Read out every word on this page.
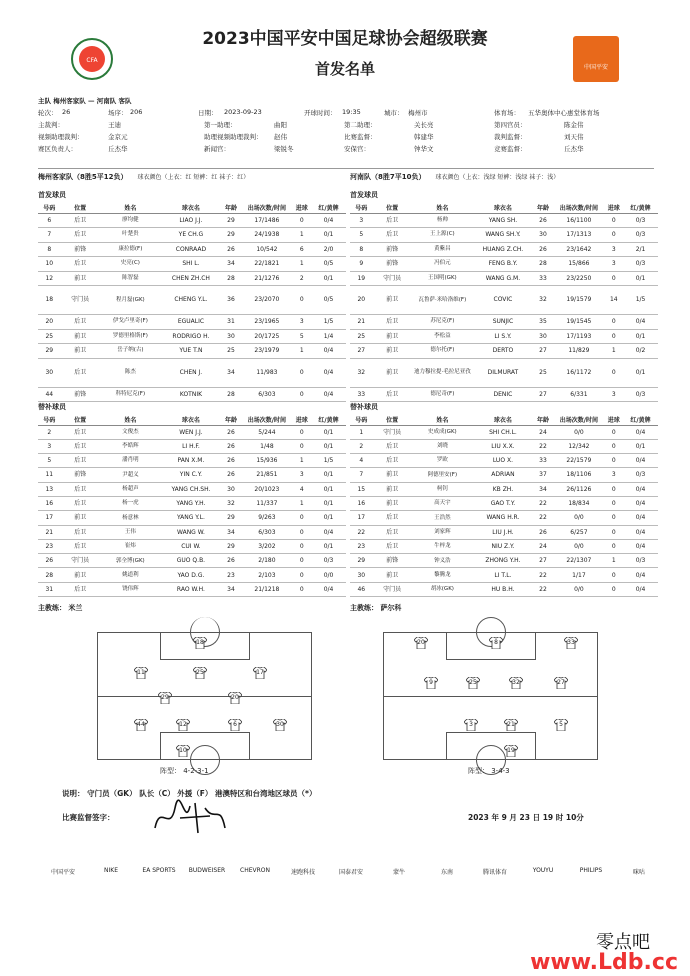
CFA
2023中国平安中国足球协会超级联赛
首发名单	中国平安
主队 梅州客家队 — 河南队 客队
轮次： 26	场序： 206	日期： 2023-09-23	开球时间： 19:35	城市： 梅州市	体育场： 五华奥体中心惠堂体育场
主裁判：	王迪	第一助理：	曲阳	第二助理：	关长亮	第四官员：	陈金伟
视频助理裁判：	金京元	助理视频助理裁判： 赵伟	比赛监督：	韩建华	裁判监督：	刘天伟
赛区负责人：	丘杰华	新闻官：	梁锐冬	安保官：	钟华文	竞赛监督：	丘杰华
梅州客家队（8胜5平12负） 球衣颜色（上衣：红 短裤：红 袜子：红）	河南队（8胜7平10负） 球衣颜色（上衣：浅绿 短裤：浅绿 袜子：浅）
首发球员	首发球员
号码	位置	姓名	球衣名	年龄	出场次数/时间	进球	红/黄牌
6	后卫	廖均健	LIAO J.J.	29	17/1486	0	0/4
7	后卫	叶楚贵	YE CH.G	29	24/1938	1	0/1
8	前锋	康拉德(F)	CONRAAD	26	10/542	6	2/0
10	后卫	史亮(C)	SHI L.	34	22/1821	1	0/5
12	前卫	陈智磊	CHEN ZH.CH	28	21/1276	2	0/1
18	守门员	程月磊(GK)	CHENG Y.L.	36	23/2070	0	0/5
20	后卫	伊戈卢里奇(F)	EGUALIC	31	23/1965	3	1/5
25	前卫	罗德里格斯(F)	RODRIGO H.	30	20/1725	5	1/4
29	前卫	岳子纳(古)	YUE T.N	25	23/1979	1	0/4
30	后卫	陈杰	CHEN J.	34	11/983	0	0/4
44	前锋	科特尼克(F)	KOTNIK	28	6/303	0	0/4
号码	位置	姓名	球衣名	年龄	出场次数/时间	进球	红/黄牌
3	后卫	杨帅	YANG SH.	26	16/1100	0	0/3
5	后卫	王上源(C)	WANG SH.Y.	30	17/1313	0	0/3
8	前锋	黄紫昌	HUANG Z.CH.	26	23/1642	3	2/1
9	前锋	冯伯元	FENG B.Y.	28	15/866	3	0/3
19	守门员	王国明(GK)	WANG G.M.	33	23/2250	0	0/1
20	前卫	瓦鲁萨·米哈洛维(F)	COVIC	32	19/1579	14	1/5
21	后卫	苏尼克(F)	SUNJIC	35	19/1545	0	0/4
25	前卫	李松益	LI S.Y.	30	17/1193	0	0/1
27	前卫	德尔托(F)	DERTO	27	11/829	1	0/2
32	前卫	迪力穆拉提·毛拉尼亚孜	DILMURAT	25	16/1172	0	0/1
33	后卫	德尼奇(F)	DENIC	27	6/331	3	0/3
替补球员	替补球员
号码	位置	姓名	球衣名	年龄	出场次数/时间	进球	红/黄牌
2	后卫	文俊杰	WEN J.J.	26	5/244	0	0/1
3	后卫	李皓辉	LI H.F.	26	1/48	0	0/1
5	后卫	潘肖明	PAN X.M.	26	15/936	1	1/5
11	前锋	尹超义	YIN C.Y.	26	21/851	3	0/1
13	后卫	杨超声	YANG CH.SH.	30	20/1023	4	0/1
16	后卫	杨一虎	YANG Y.H.	32	11/337	1	0/1
17	前卫	杨意林	YANG Y.L.	29	9/263	0	0/1
21	后卫	王伟	WANG W.	34	6/303	0	0/4
23	后卫	崔炜	CUI W.	29	3/202	0	0/1
26	守门员	郭全博(GK)	GUO Q.B.	26	2/180	0	0/3
28	前卫	姚道利	YAO D.G.	23	2/103	0	0/0
31	后卫	饶伟辉	RAO W.H.	34	21/1218	0	0/4
号码	位置	姓名	球衣名	年龄	出场次数/时间	进球	红/黄牌
1	守门员	史成成(GK)	SHI CH.L.	24	0/0	0	0/4
2	后卫	刘晓	LIU X.X.	22	12/342	0	0/1
4	后卫	罗欧	LUO X.	33	22/1579	0	0/4
7	前卫	阿德里安(F)	ADRIAN	37	18/1106	3	0/3
15	前卫	柯钊	KB ZH.	34	26/1126	0	0/4
16	前卫	高天宇	GAO T.Y.	22	18/834	0	0/4
17	后卫	王浩然	WANG H.R.	22	0/0	0	0/4
22	后卫	刘家辉	LIU J.H.	26	6/257	0	0/4
23	后卫	牛梓龙	NIU Z.Y.	24	0/0	0	0/4
29	前锋	钟义浩	ZHONG Y.H.	27	22/1307	1	0/3
30	前卫	黎腾龙	LI T.L.	22	1/17	0	0/4
46	守门员	胡冰(GK)	HU B.H.	22	0/0	0	0/4
主教练： 米兰	主教练： 萨尔科
18
11	25	17
29	20
44	12	6	30
10
20	8	33
9	25	32	27
3	21	5
19
阵型： 4-2-3-1	阵型： 3-4-3
说明： 守门员（GK） 队长（C） 外援（F） 港澳特区和台湾地区球员（*）
比赛监督签字：	2023 年 9 月 23 日 19 时 10分
中国平安	NIKE	EA SPORTS	BUDWEISER	CHEVRON	速跑科技	国泰君安	蒙牛	东南	腾讯体育	YOUYU	PHILIPS	咪咕
零点吧
www.Ldb.cc
